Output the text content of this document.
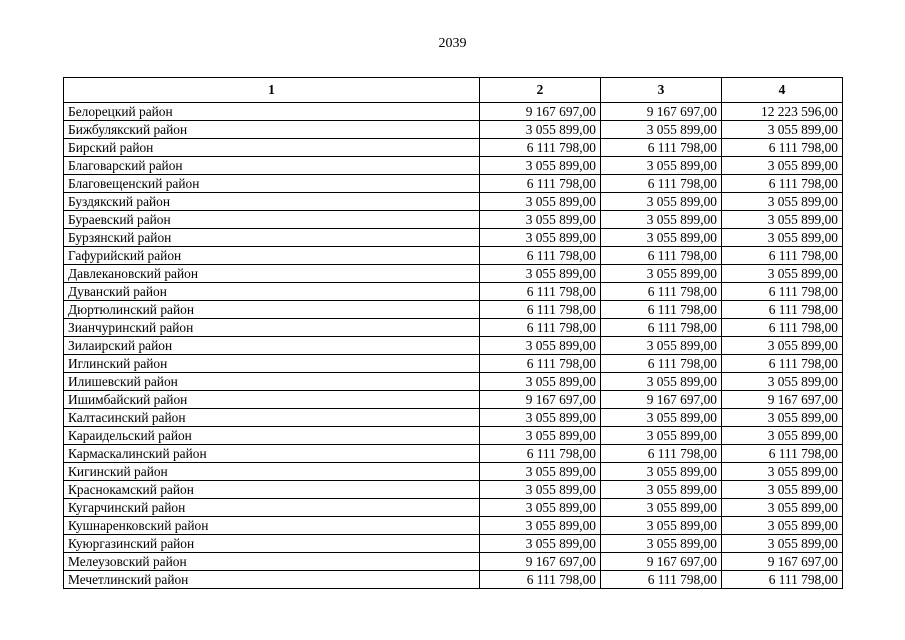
2039
1	2	3	4
Белорецкий район	9 167 697,00	9 167 697,00	12 223 596,00
Бижбулякский район	3 055 899,00	3 055 899,00	3 055 899,00
Бирский район	6 111 798,00	6 111 798,00	6 111 798,00
Благоварский район	3 055 899,00	3 055 899,00	3 055 899,00
Благовещенский район	6 111 798,00	6 111 798,00	6 111 798,00
Буздякский район	3 055 899,00	3 055 899,00	3 055 899,00
Бураевский район	3 055 899,00	3 055 899,00	3 055 899,00
Бурзянский район	3 055 899,00	3 055 899,00	3 055 899,00
Гафурийский район	6 111 798,00	6 111 798,00	6 111 798,00
Давлекановский район	3 055 899,00	3 055 899,00	3 055 899,00
Дуванский район	6 111 798,00	6 111 798,00	6 111 798,00
Дюртюлинский район	6 111 798,00	6 111 798,00	6 111 798,00
Зианчуринский район	6 111 798,00	6 111 798,00	6 111 798,00
Зилаирский район	3 055 899,00	3 055 899,00	3 055 899,00
Иглинский район	6 111 798,00	6 111 798,00	6 111 798,00
Илишевский район	3 055 899,00	3 055 899,00	3 055 899,00
Ишимбайский район	9 167 697,00	9 167 697,00	9 167 697,00
Калтасинский район	3 055 899,00	3 055 899,00	3 055 899,00
Караидельский район	3 055 899,00	3 055 899,00	3 055 899,00
Кармаскалинский район	6 111 798,00	6 111 798,00	6 111 798,00
Кигинский район	3 055 899,00	3 055 899,00	3 055 899,00
Краснокамский район	3 055 899,00	3 055 899,00	3 055 899,00
Кугарчинский район	3 055 899,00	3 055 899,00	3 055 899,00
Кушнаренковский район	3 055 899,00	3 055 899,00	3 055 899,00
Куюргазинский район	3 055 899,00	3 055 899,00	3 055 899,00
Мелеузовский район	9 167 697,00	9 167 697,00	9 167 697,00
Мечетлинский район	6 111 798,00	6 111 798,00	6 111 798,00
